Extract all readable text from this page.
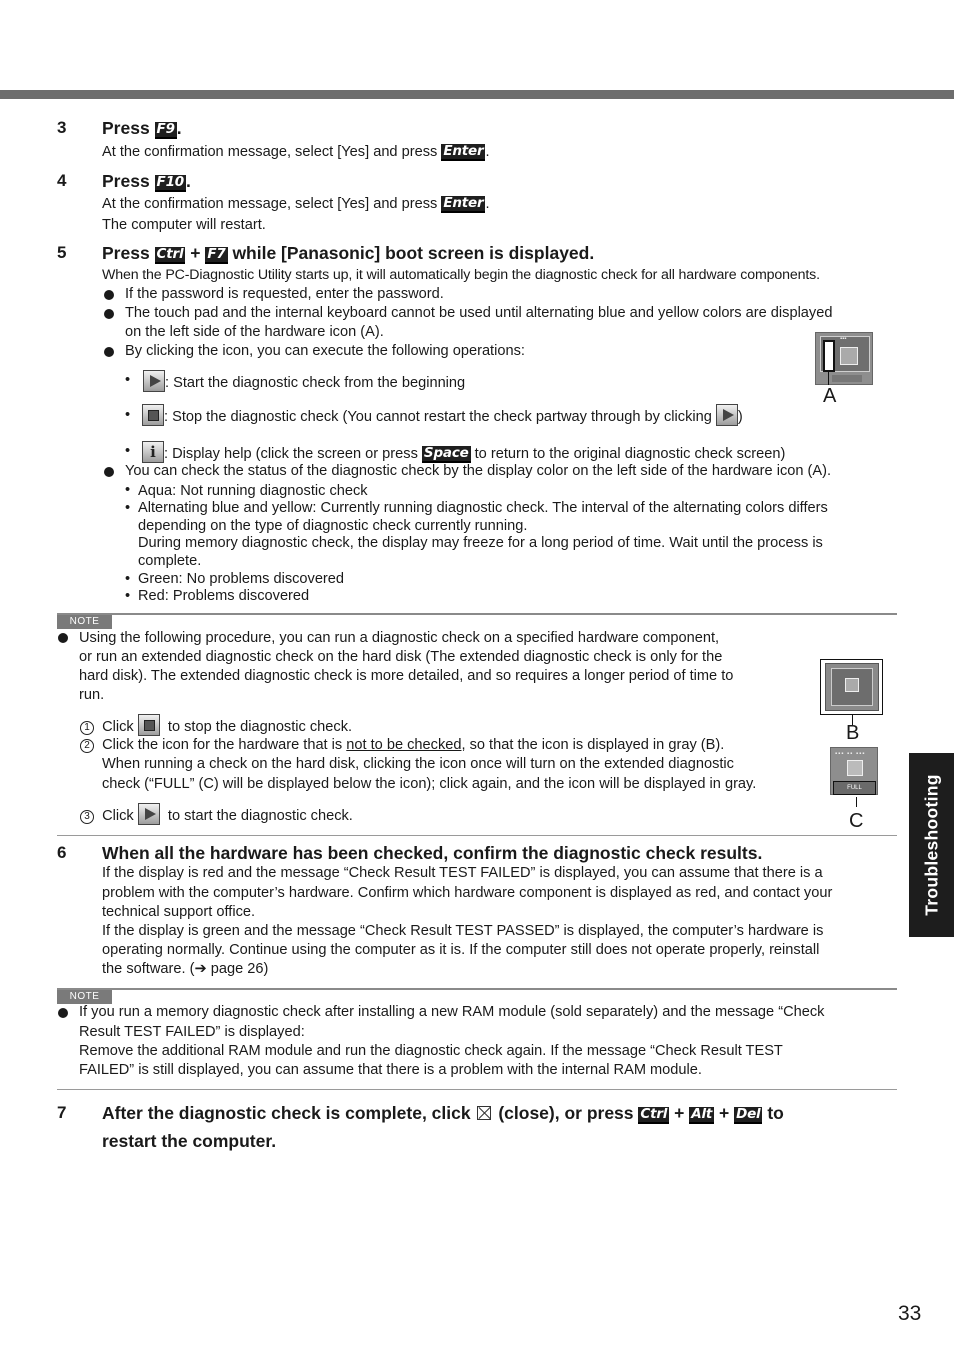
3 Press F9 .
At the confirmation message, select [Yes] and press Enter .
4 Press F10 .
At the confirmation message, select [Yes] and press Enter .
The computer will restart.
5 Press Ctrl + F7 while [Panasonic] boot screen is displayed.
When the PC-Diagnostic Utility starts up, it will automatically begin the diagnostic check for all hardware components.
If the password is requested, enter the password.
The touch pad and the internal keyboard cannot be used until alternating blue and yellow colors are displayed
on the left side of the hardware icon (A).
By clicking the icon, you can execute the following operations:
•	: Start the diagnostic check from the beginning
•	: Stop the diagnostic check (You cannot restart the check partway through by clicking
)
•	i : Display help (click the screen or press Space to return to the original diagnostic check screen)
▪▪▪
A
You can check the status of the diagnostic check by the display color on the left side of the hardware icon (A).
• Aqua: Not running diagnostic check
• Alternating blue and yellow: Currently running diagnostic check. The interval of the alternating colors differs
depending on the type of diagnostic check currently running.
During memory diagnostic check, the display may freeze for a long period of time. Wait until the process is
complete.
• Green: No problems discovered
• Red: Problems discovered
NOTE
Using the following procedure, you can run a diagnostic check on a specified hardware component,
or run an extended diagnostic check on the hard disk (The extended diagnostic check is only for the
hard disk). The extended diagnostic check is more detailed, and so requires a longer period of time to
run.
1 Click
to stop the diagnostic check.
2 Click the icon for the hardware that is not to be checked, so that the icon is displayed in gray (B).
When running a check on the hard disk, clicking the icon once will turn on the extended diagnostic
check (“FULL” (C) will be displayed below the icon); click again, and the icon will be displayed in gray.
3 Click
to start the diagnostic check.
B
▪▪▪ ▪▪ ▪▪▪
FULL
C
6 When all the hardware has been checked, confirm the diagnostic check results.
If the display is red and the message “Check Result TEST FAILED” is displayed, you can assume that there is a
problem with the computer’s hardware. Confirm which hardware component is displayed as red, and contact your
technical support office.
If the display is green and the message “Check Result TEST PASSED” is displayed, the computer’s hardware is
operating normally. Continue using the computer as it is. If the computer still does not operate properly, reinstall
the software. (➔ page 26)
NOTE
If you run a memory diagnostic check after installing a new RAM module (sold separately) and the message “Check
Result TEST FAILED” is displayed:
Remove the additional RAM module and run the diagnostic check again. If the message “Check Result TEST
FAILED” is still displayed, you can assume that there is a problem with the internal RAM module.
7 After the diagnostic check is complete, click  (close), or press Ctrl + Alt + Del to
restart the computer.
Troubleshooting
33
